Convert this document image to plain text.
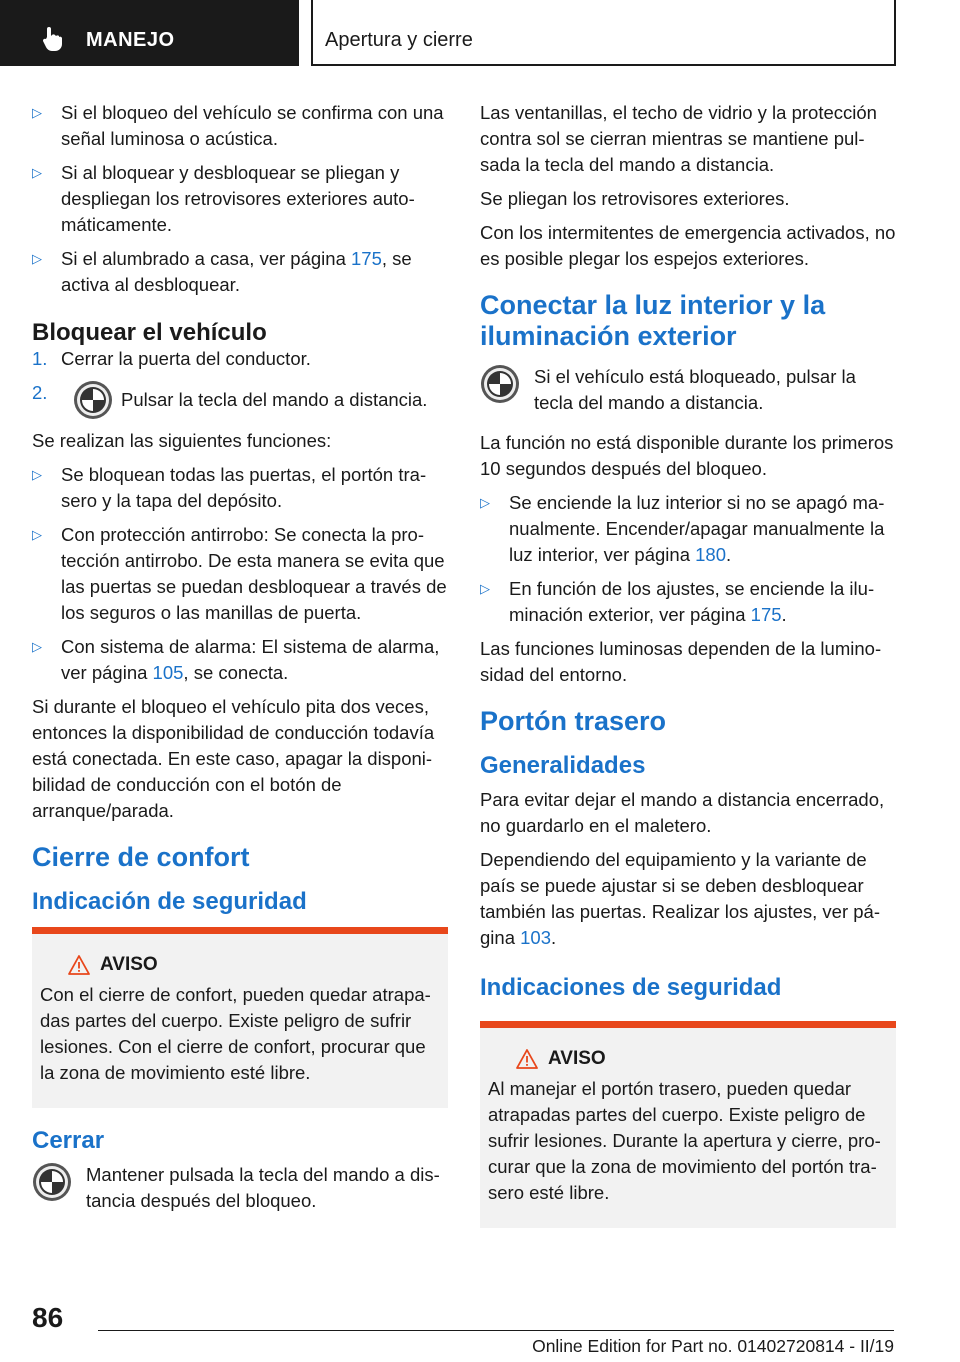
MANEJO	Apertura y cierre
▷ Si el bloqueo del vehículo se confirma con una señal luminosa o acústica.
▷ Si al bloquear y desbloquear se pliegan y despliegan los retrovisores exteriores automáticamente.
▷ Si el alumbrado a casa, ver página 175, se activa al desbloquear.
Bloquear el vehículo
1. Cerrar la puerta del conductor.
2.	Pulsar la tecla del mando a distancia.

Se realizan las siguientes funciones:

▷ Se bloquean todas las puertas, el portón trasero y la tapa del depósito.
▷ Con protección antirrobo: Se conecta la protección antirrobo. De esta manera se evita que las puertas se puedan desbloquear a través de los seguros o las manillas de puerta.
▷ Con sistema de alarma: El sistema de alarma, ver página 105, se conecta.

Si durante el bloqueo el vehículo pita dos veces, entonces la disponibilidad de conducción todavía está conectada. En este caso, apagar la disponibilidad de conducción con el botón de arranque/parada.

Cierre de confort
Indicación de seguridad
AVISO

Con el cierre de confort, pueden quedar atrapadas partes del cuerpo. Existe peligro de sufrir lesiones. Con el cierre de confort, procurar que la zona de movimiento esté libre.

Cerrar
Mantener pulsada la tecla del mando a distancia después del bloqueo.

Las ventanillas, el techo de vidrio y la protección contra sol se cierran mientras se mantiene pulsada la tecla del mando a distancia.

Se pliegan los retrovisores exteriores.

Con los intermitentes de emergencia activados, no es posible plegar los espejos exteriores.

Conectar la luz interior y la iluminación exterior
Si el vehículo está bloqueado, pulsar la tecla del mando a distancia.

La función no está disponible durante los primeros 10 segundos después del bloqueo.

▷ Se enciende la luz interior si no se apagó manualmente. Encender/apagar manualmente la luz interior, ver página 180.
▷ En función de los ajustes, se enciende la iluminación exterior, ver página 175.

Las funciones luminosas dependen de la luminosidad del entorno.

Portón trasero
Generalidades

Para evitar dejar el mando a distancia encerrado, no guardarlo en el maletero.

Dependiendo del equipamiento y la variante de país se puede ajustar si se deben desbloquear también las puertas. Realizar los ajustes, ver página 103.

Indicaciones de seguridad
AVISO

Al manejar el portón trasero, pueden quedar atrapadas partes del cuerpo. Existe peligro de sufrir lesiones. Durante la apertura y cierre, procurar que la zona de movimiento del portón trasero esté libre.

86
Online Edition for Part no. 01402720814 - II/19
